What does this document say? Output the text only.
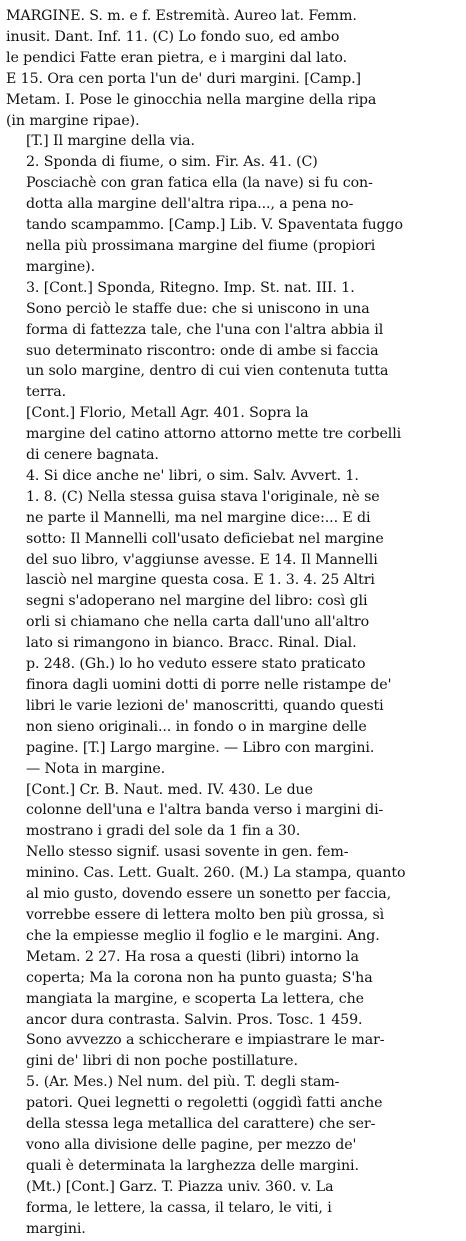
MARGINE. S. m. e f. Estremità. Aureo lat. Femm.
inusit. Dant. Inf. 11. (C) Lo fondo suo, ed ambo
le pendici Fatte eran pietra, e i margini dal lato.
E 15. Ora cen porta l'un de' duri margini. [Camp.]
Metam. I. Pose le ginocchia nella margine della ripa
(in margine ripae).

[T.] Il margine della via.

2. Sponda di fiume, o sim. Fir. As. 41. (C)
Posciachè con gran fatica ella (la nave) si fu con-
dotta alla margine dell'altra ripa..., a pena no-
tando scampammo. [Camp.] Lib. V. Spaventata fuggo
nella più prossimana margine del fiume (propiori
margine).

3. [Cont.] Sponda, Ritegno. Imp. St. nat. III. 1.
Sono perciò le staffe due: che si uniscono in una
forma di fattezza tale, che l'una con l'altra abbia il
suo determinato riscontro: onde di ambe si faccia
un solo margine, dentro di cui vien contenuta tutta
terra.

[Cont.] Florio, Metall Agr. 401. Sopra la
margine del catino attorno attorno mette tre corbelli
di cenere bagnata.

4. Si dice anche ne' libri, o sim. Salv. Avvert. 1.
1. 8. (C) Nella stessa guisa stava l'originale, nè se
ne parte il Mannelli, ma nel margine dice:... E di
sotto: Il Mannelli coll'usato deficiebat nel margine
del suo libro, v'aggiunse avesse. E 14. Il Mannelli
lasciò nel margine questa cosa. E 1. 3. 4. 25 Altri
segni s'adoperano nel margine del libro: così gli
orli si chiamano che nella carta dall'uno all'altro
lato si rimangono in bianco. Bracc. Rinal. Dial.
p. 248. (Gh.) lo ho veduto essere stato praticato
finora dagli uomini dotti di porre nelle ristampe de'
libri le varie lezioni de' manoscritti, quando questi
non sieno originali... in fondo o in margine delle
pagine. [T.] Largo margine. — Libro con margini.
— Nota in margine.

[Cont.] Cr. B. Naut. med. IV. 430. Le due
colonne dell'una e l'altra banda verso i margini di-
mostrano i gradi del sole da 1 fin a 30.

Nello stesso signif. usasi sovente in gen. fem-
minino. Cas. Lett. Gualt. 260. (M.) La stampa, quanto
al mio gusto, dovendo essere un sonetto per faccia,
vorrebbe essere di lettera molto ben più grossa, sì
che la empiesse meglio il foglio e le margini. Ang.
Metam. 2 27. Ha rosa a questi (libri) intorno la
coperta; Ma la corona non ha punto guasta; S'ha
mangiata la margine, e scoperta La lettera, che
ancor dura contrasta. Salvin. Pros. Tosc. 1 459.
Sono avvezzo a schiccherare e impiastrare le mar-
gini de' libri di non poche postillature.

5. (Ar. Mes.) Nel num. del più. T. degli stam-
patori. Quei legnetti o regoletti (oggidì fatti anche
della stessa lega metallica del carattere) che ser-
vono alla divisione delle pagine, per mezzo de'
quali è determinata la larghezza delle margini.
(Mt.) [Cont.] Garz. T. Piazza univ. 360. v. La
forma, le lettere, la cassa, il telaro, le viti, i
margini.
